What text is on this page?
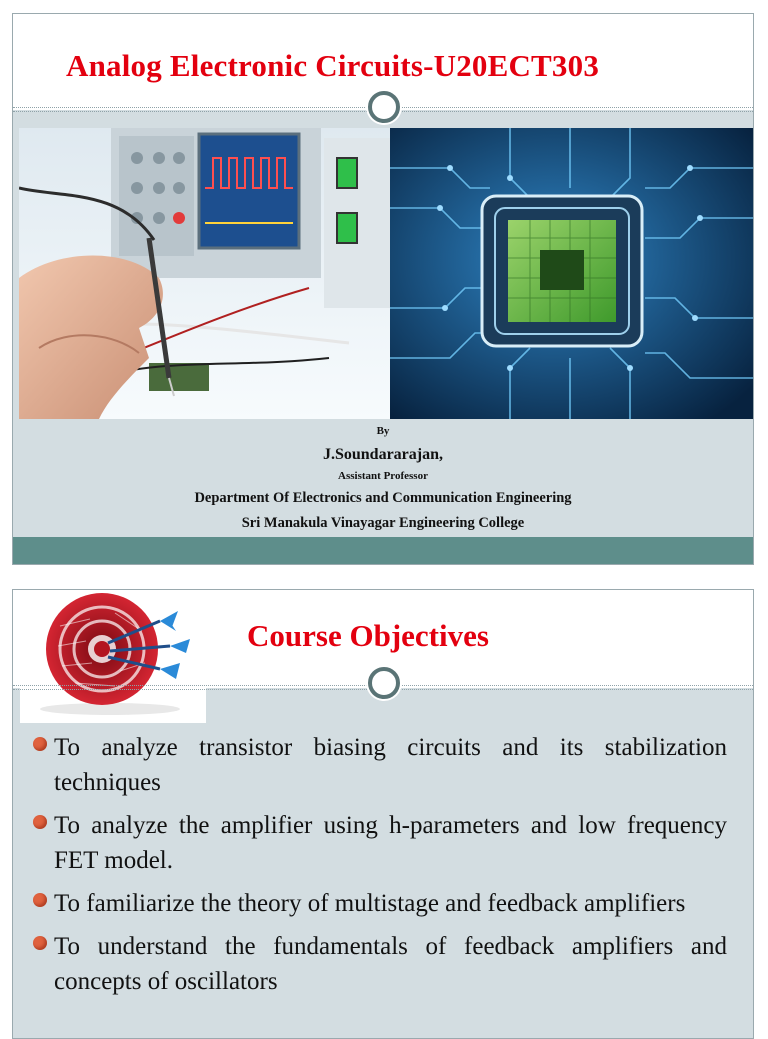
Analog Electronic Circuits-U20ECT303
By
J.Soundararajan,
Assistant Professor
Department Of Electronics and Communication Engineering
Sri Manakula Vinayagar Engineering College
Course Objectives
To analyze transistor biasing circuits and its stabilization techniques
To analyze the amplifier using h-parameters and low frequency FET model.
To familiarize the theory of multistage and feedback amplifiers
To understand the fundamentals of feedback amplifiers and concepts of oscillators
